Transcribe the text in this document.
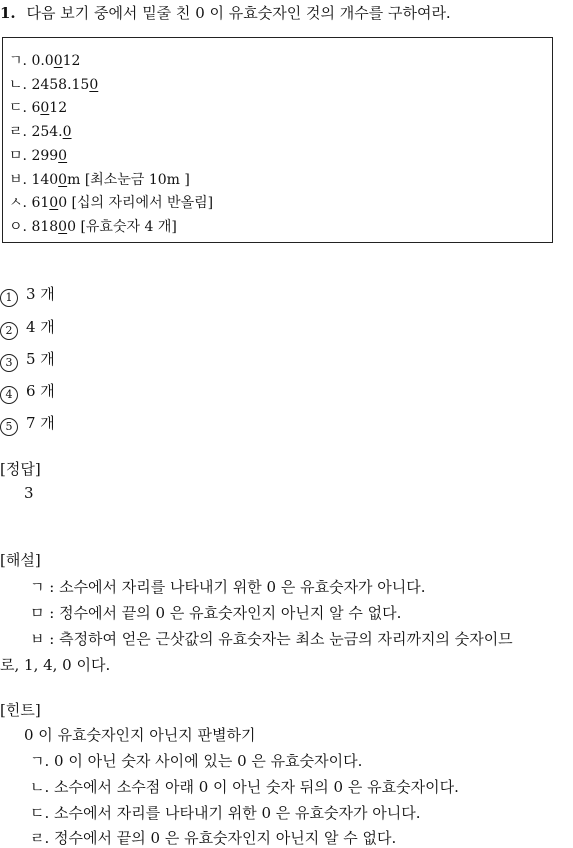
1. 다음 보기 중에서 밑줄 친 0 이 유효숫자인 것의 개수를 구하여라.
ㄱ. 0.0012
ㄴ. 2458.150
ㄷ. 6012
ㄹ. 254.0
ㅁ. 2990
ㅂ. 1400m [최소눈금 10m ]
ㅅ. 6100 [십의 자리에서 반올림]
ㅇ. 81800 [유효숫자 4 개]
1 3 개
2 4 개
3 5 개
4 6 개
5 7 개
[정답]
3
[해설]
ㄱ : 소수에서 자리를 나타내기 위한 0 은 유효숫자가 아니다.
ㅁ : 정수에서 끝의 0 은 유효숫자인지 아닌지 알 수 없다.
ㅂ : 측정하여 얻은 근삿값의 유효숫자는 최소 눈금의 자리까지의 숫자이므
로, 1, 4, 0 이다.
[힌트]
0 이 유효숫자인지 아닌지 판별하기
ㄱ. 0 이 아닌 숫자 사이에 있는 0 은 유효숫자이다.
ㄴ. 소수에서 소수점 아래 0 이 아닌 숫자 뒤의 0 은 유효숫자이다.
ㄷ. 소수에서 자리를 나타내기 위한 0 은 유효숫자가 아니다.
ㄹ. 정수에서 끝의 0 은 유효숫자인지 아닌지 알 수 없다.
